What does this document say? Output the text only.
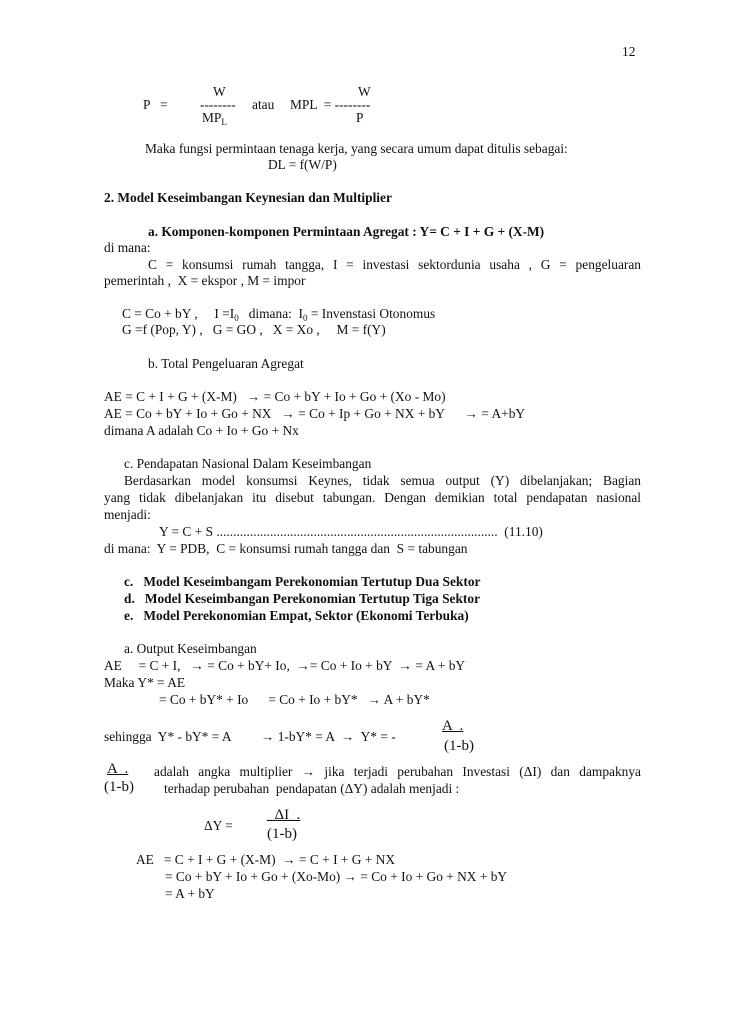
12
W	W
P   = -------- atau MPL  = --------
$MP_L$	P
Maka fungsi permintaan tenaga kerja, yang secara umum dapat ditulis sebagai:
DL = f(W/P)
2. Model Keseimbangan Keynesian dan Multiplier
a. Komponen-komponen Permintaan Agregat : Y= C + I + G + (X-M)
di mana:
C = konsumsi rumah tangga, I = investasi sektordunia usaha , G = pengeluaran
pemerintah ,  X = ekspor , M = impor
C = Co + bY ,     $I =I_0$   dimana:  $I_0$ = Invenstasi Otonomus
G =f (Pop, Y) ,   G = GO ,   X = Xo ,     M = f(Y)
b. Total Pengeluaran Agregat
AE = C + I + G + (X-M) → = Co + bY + Io + Go + (Xo - Mo)
AE = Co + bY + Io + Go + NX → = Co + Ip + Go + NX + bY → = A+bY
dimana A adalah Co + Io + Go + Nx
c. Pendapatan Nasional Dalam Keseimbangan
Berdasarkan model konsumsi Keynes, tidak semua output (Y) dibelanjakan; Bagian
yang tidak dibelanjakan itu disebut tabungan. Dengan demikian total pendapatan nasional
menjadi:
Y = C + S ....................................................................................  (11.10)
di mana:  Y = PDB,  C = konsumsi rumah tangga dan  S = tabungan
c.   Model Keseimbangam Perekonomian Tertutup Dua Sektor
d.   Model Keseimbangan Perekonomian Tertutup Tiga Sektor
e.   Model Perekonomian Empat, Sektor (Ekonomi Terbuka)
a. Output Keseimbangan
AE     = C + I,   → = Co + bY+ Io,  →= Co + Io + bY  → = A + bY
Maka Y* = AE
= Co + bY* + Io      = Co + Io + bY*   → A + bY*
sehingga  Y* - bY* = A         → 1-bY* = A  →  Y* = -
A  .
(1-b)
A  .
(1-b)
adalah angka multiplier → jika terjadi perubahan Investasi (ΔI) dan dampaknya
terhadap perubahan  pendapatan (ΔY) adalah menjadi :
_ΔI_.
ΔY =
(1-b)
AE   = C + I + G + (X-M)  → = C + I + G + NX
= Co + bY + Io + Go + (Xo-Mo) → = Co + Io + Go + NX + bY
= A + bY
